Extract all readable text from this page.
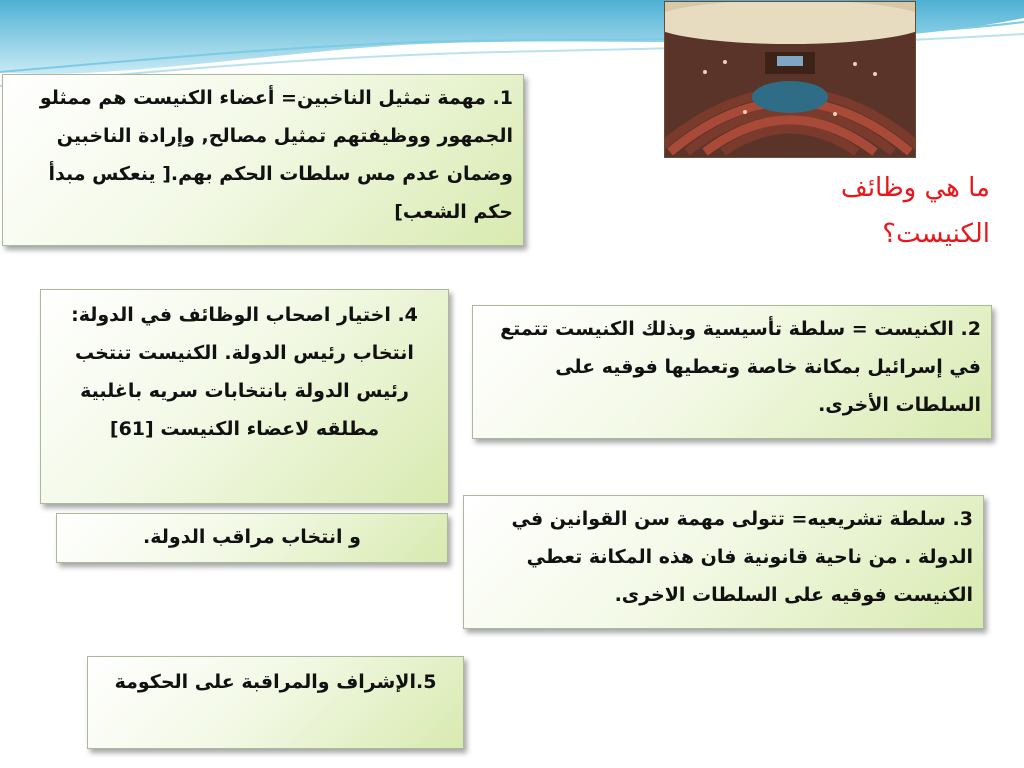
ما هي وظائف
الكنيست؟
1. مهمة تمثيل الناخبين= أعضاء الكنيست هم ممثلو الجمهور ووظيفتهم تمثيل مصالح, وإرادة الناخبين وضمان عدم مس سلطات الحكم بهم.[ ينعكس مبدأ حكم الشعب]
2. الكنيست = سلطة تأسيسية وبذلك الكنيست تتمتع في إسرائيل بمكانة خاصة وتعطيها فوقيه على السلطات الأخرى.
3. سلطة تشريعيه= تتولى مهمة سن القوانين في الدولة . من ناحية قانونية فان هذه المكانة تعطي الكنيست فوقيه على السلطات الاخرى.
4. اختيار اصحاب الوظائف في الدولة: انتخاب رئيس الدولة. الكنيست تنتخب رئيس الدولة بانتخابات سريه باغلبية مطلقه لاعضاء الكنيست [61]
و انتخاب مراقب الدولة.
5.الإشراف والمراقبة على الحكومة
